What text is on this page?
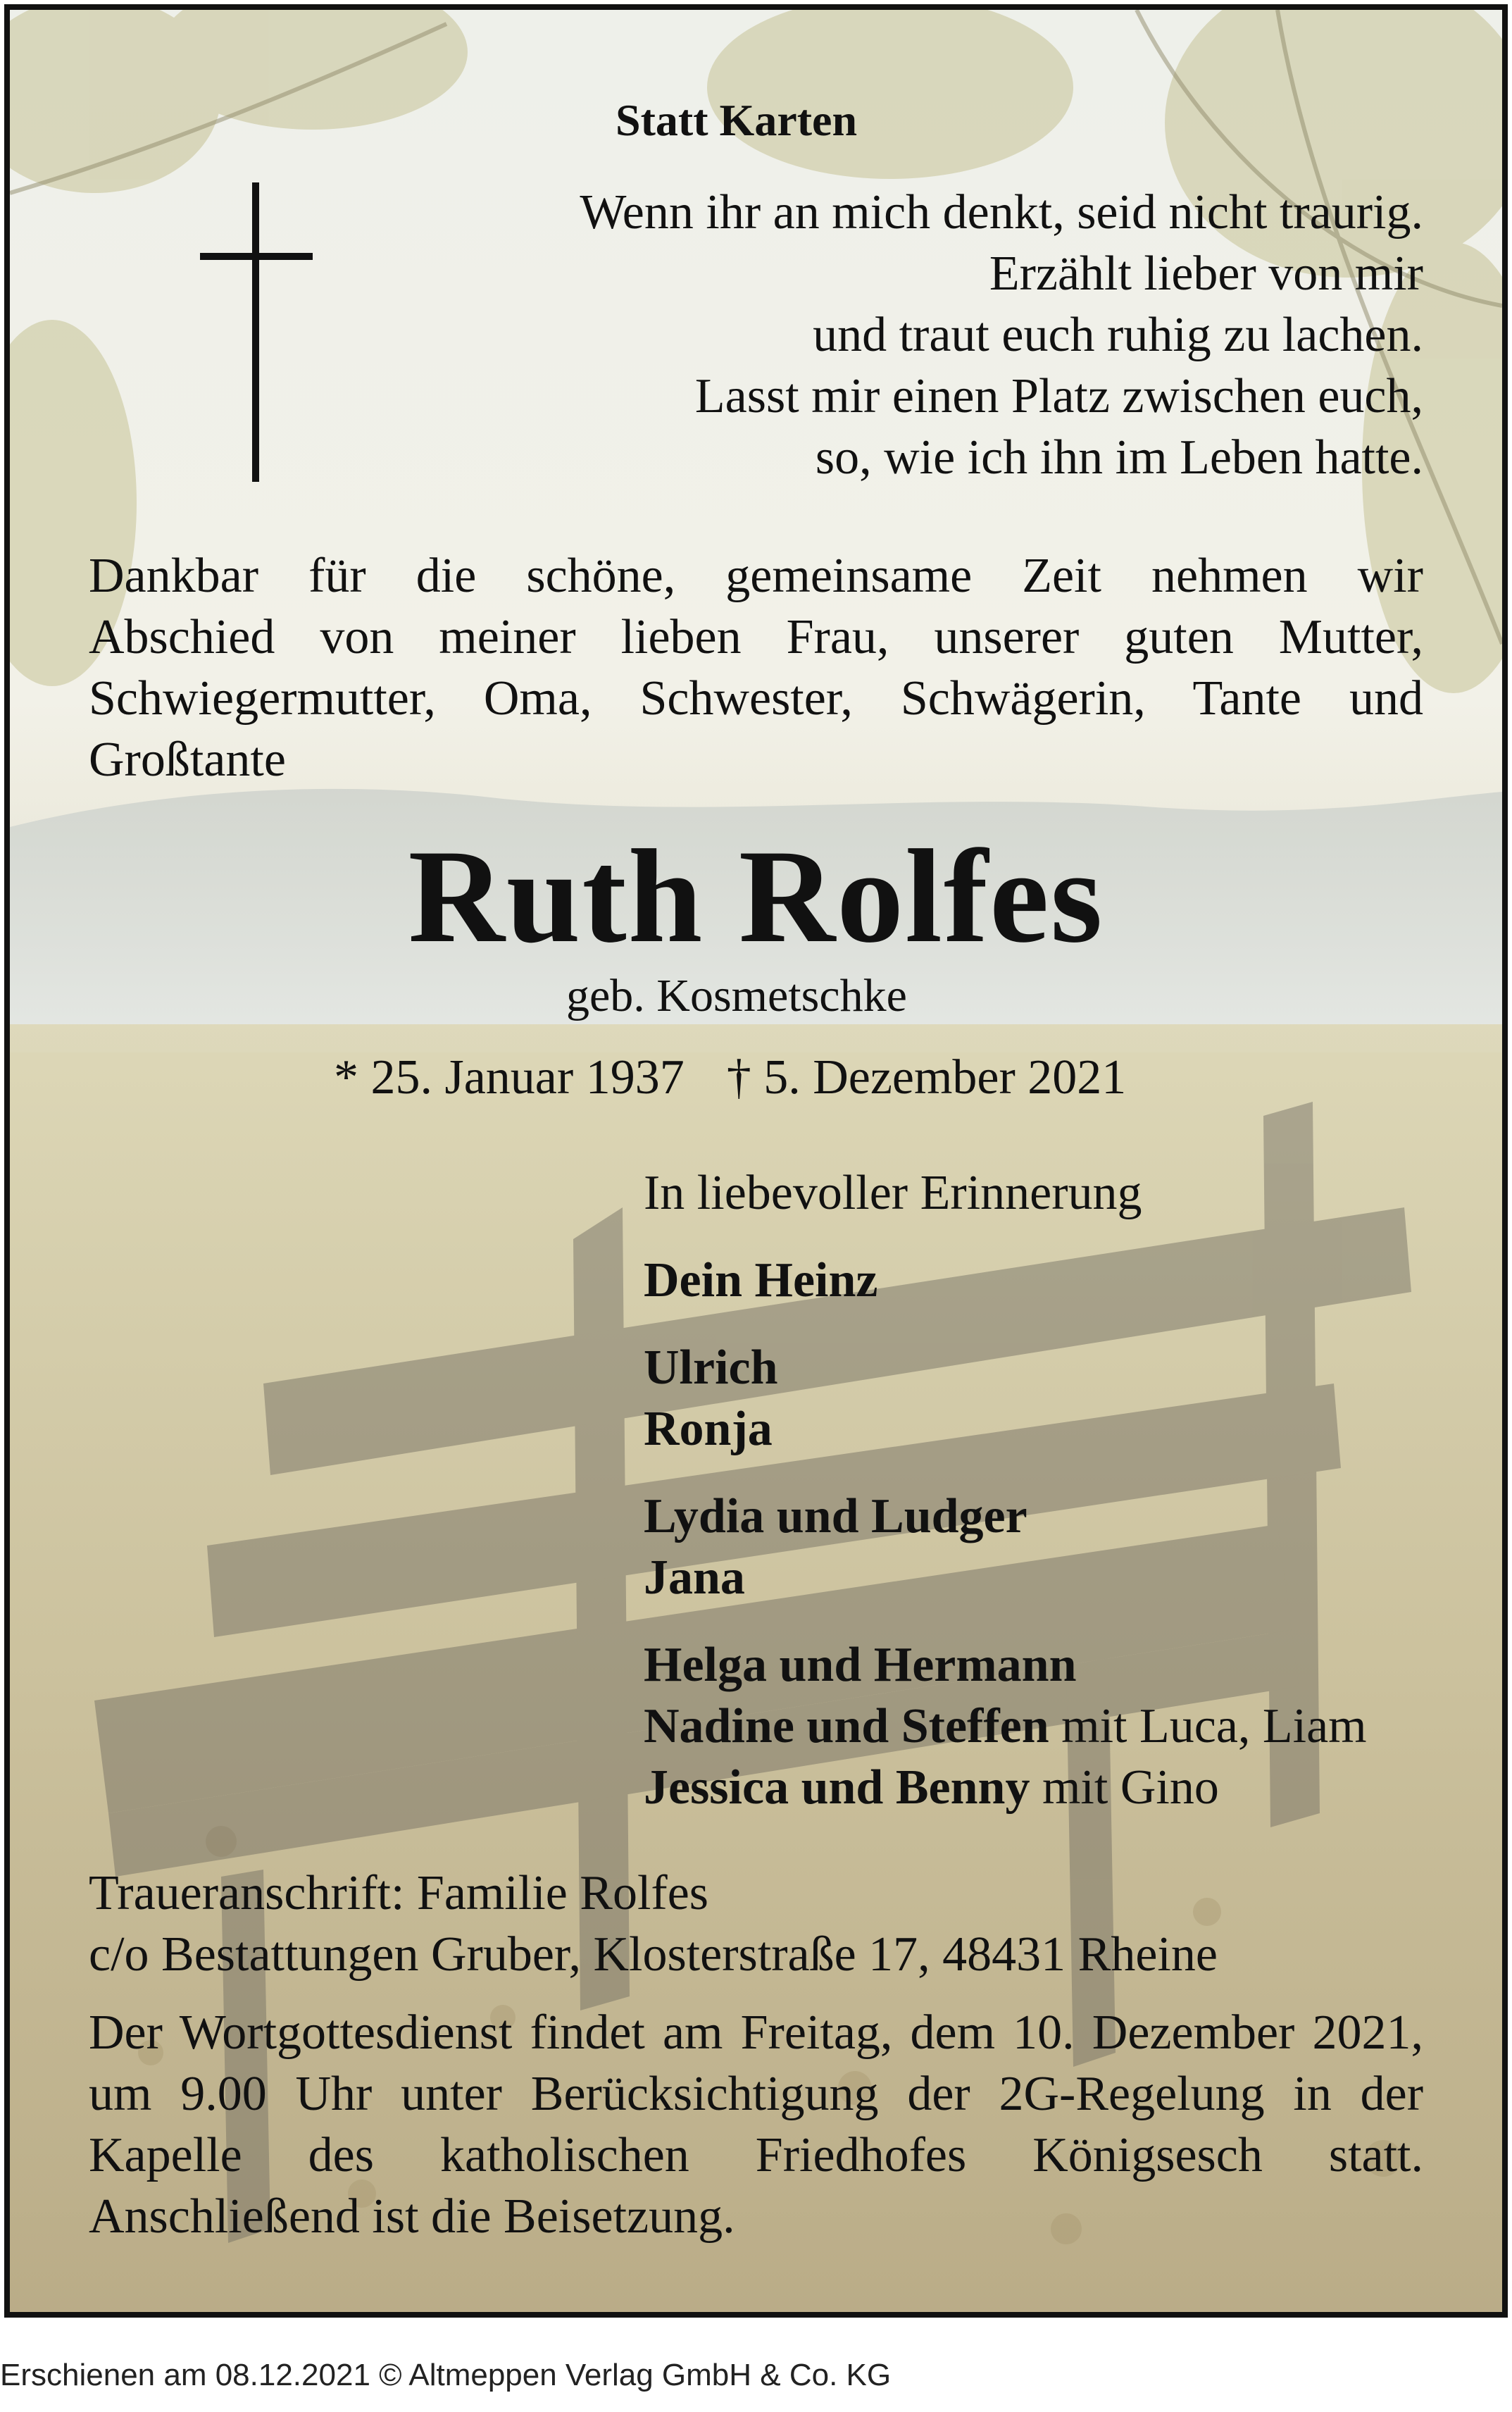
Statt Karten
Wenn ihr an mich denkt, seid nicht traurig.
Erzählt lieber von mir
und traut euch ruhig zu lachen.
Lasst mir einen Platz zwischen euch,
so, wie ich ihn im Leben hatte.
Dankbar für die schöne, gemeinsame Zeit nehmen wir
Abschied von meiner lieben Frau, unserer guten Mutter,
Schwiegermutter, Oma, Schwester, Schwägerin, Tante und
Großtante
Ruth Rolfes
geb. Kosmetschke
* 25. Januar 1937 † 5. Dezember 2021
In liebevoller Erinnerung
Dein Heinz
Ulrich
Ronja
Lydia und Ludger
Jana
Helga und Hermann
Nadine und Steffen mit Luca, Liam
Jessica und Benny mit Gino
Traueranschrift: Familie Rolfes
c/o Bestattungen Gruber, Klosterstraße 17, 48431 Rheine
Der Wortgottesdienst findet am Freitag, dem 10. Dezember 2021,
um 9.00 Uhr unter Berücksichtigung der 2G-Regelung in der
Kapelle des katholischen Friedhofes Königsesch statt.
Anschließend ist die Beisetzung.
Erschienen am 08.12.2021 © Altmeppen Verlag GmbH & Co. KG
